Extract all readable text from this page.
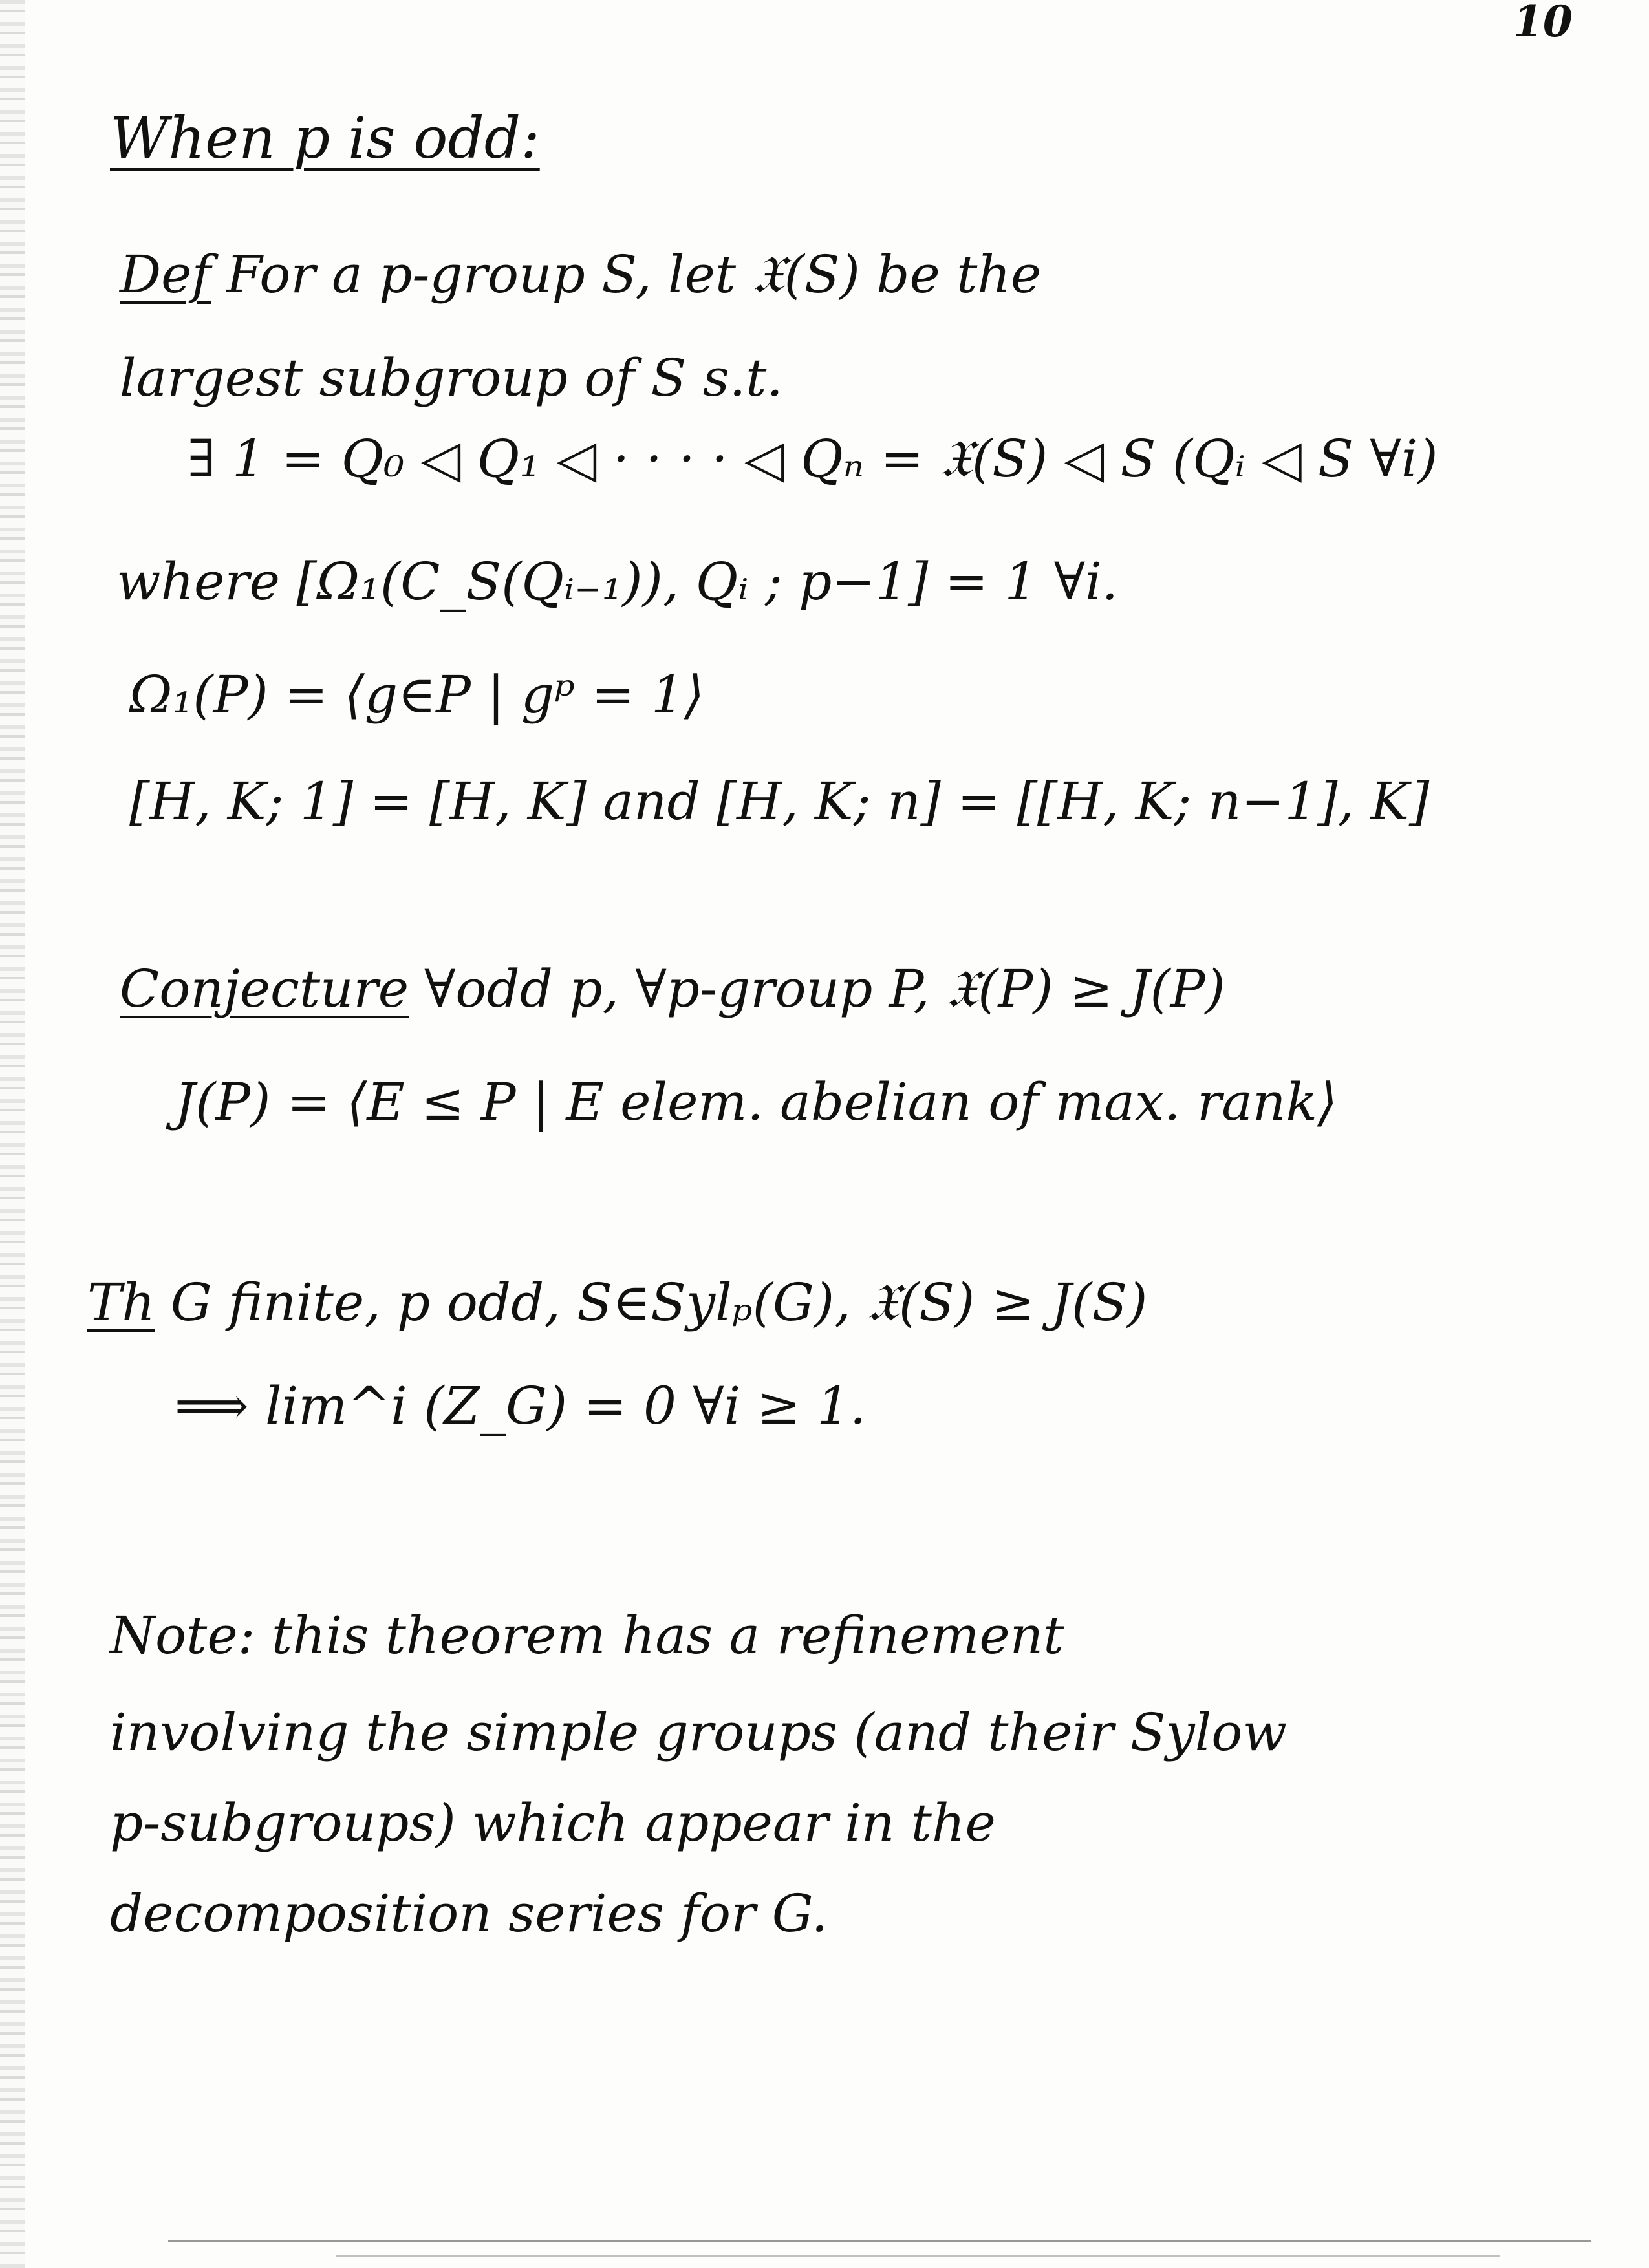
10
When p is odd:
Def For a p-group S, let 𝔛(S) be the
largest subgroup of S s.t.
∃ 1 = Q₀ ◁ Q₁ ◁ · · · · ◁ Qₙ = 𝔛(S) ◁ S (Qᵢ ◁ S ∀i)
where [Ω₁(C_S(Qᵢ₋₁)), Qᵢ ; p−1] = 1 ∀i.
Ω₁(P) = ⟨g∈P | gᵖ = 1⟩
[H, K; 1] = [H, K] and [H, K; n] = [[H, K; n−1], K]
Conjecture ∀odd p, ∀p-group P, 𝔛(P) ≥ J(P)
J(P) = ⟨E ≤ P | E elem. abelian of max. rank⟩
Th G finite, p odd, S∈Sylₚ(G), 𝔛(S) ≥ J(S)
⟹ lim^i (Z_G) = 0 ∀i ≥ 1.
Note: this theorem has a refinement
involving the simple groups (and their Sylow
p-subgroups) which appear in the
decomposition series for G.
